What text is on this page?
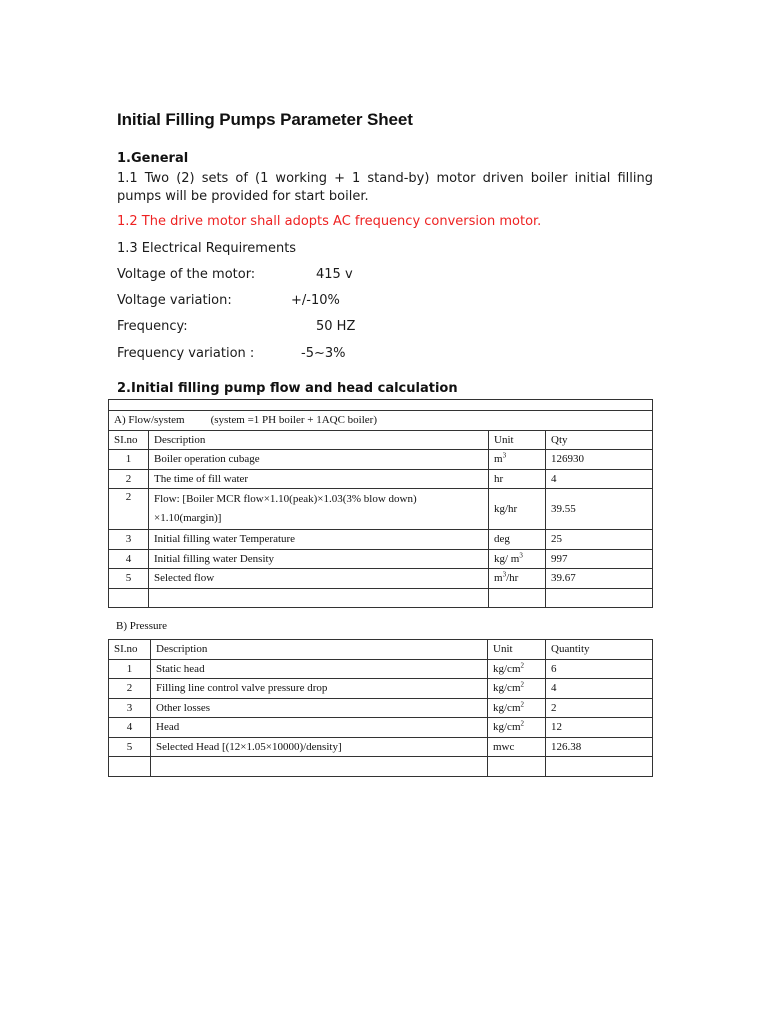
Initial Filling Pumps Parameter Sheet
1.General
1.1 Two (2) sets of (1 working + 1 stand-by) motor driven boiler initial filling pumps will be provided for start boiler.
1.2 The drive motor shall adopts AC frequency conversion motor.
1.3 Electrical Requirements
Voltage of the motor:	415 v
Voltage variation:	+/-10%
Frequency:	50 HZ
Frequency variation :	-5~3%
2.Initial filling pump flow and head calculation

A) Flow/system (system =1 PH boiler + 1AQC boiler)			
SI.no	Description	Unit	Qty
1	Boiler operation cubage	$m^3$	126930
2	The time of fill water	hr	4
2	Flow: [Boiler MCR flow×1.10(peak)×1.03(3% blow down) ×1.10(margin)]	kg/hr	39.55
3	Initial filling water Temperature	deg	25
4	Initial filling water Density	kg/ $m^3$	997
5	Selected flow	$m^3/hr$	39.67

B) Pressure
SI.no	Description	Unit	Quantity
1	Static head	$kg/cm^2$	6
2	Filling line control valve pressure drop	$kg/cm^2$	4
3	Other losses	$kg/cm^2$	2
4	Head	$kg/cm^2$	12
5	Selected Head [(12×1.05×10000)/density]	mwc	126.38
